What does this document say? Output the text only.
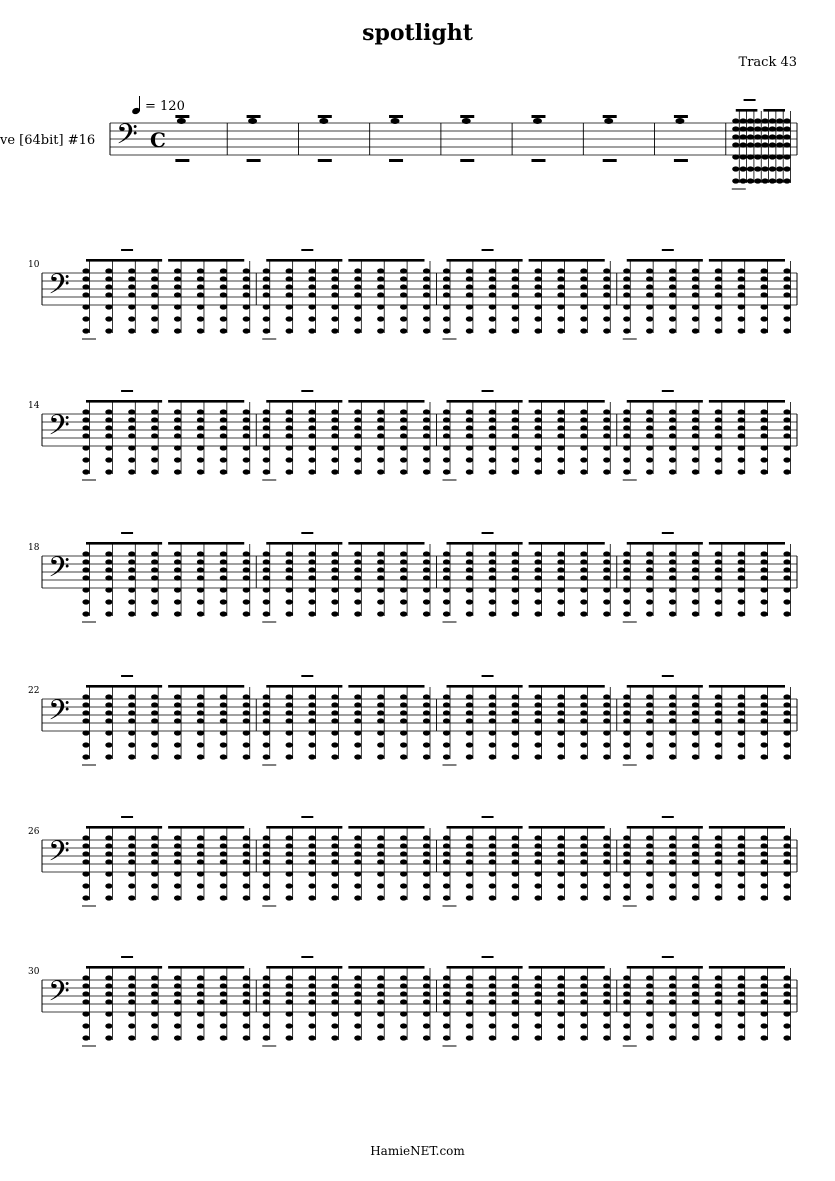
spotlight
Track 43
= 120
ve [64bit] #16 𝄢 C
𝄢
10
𝄢
14
𝄢
18
𝄢
22
𝄢
26
𝄢
30
HamieNET.com
